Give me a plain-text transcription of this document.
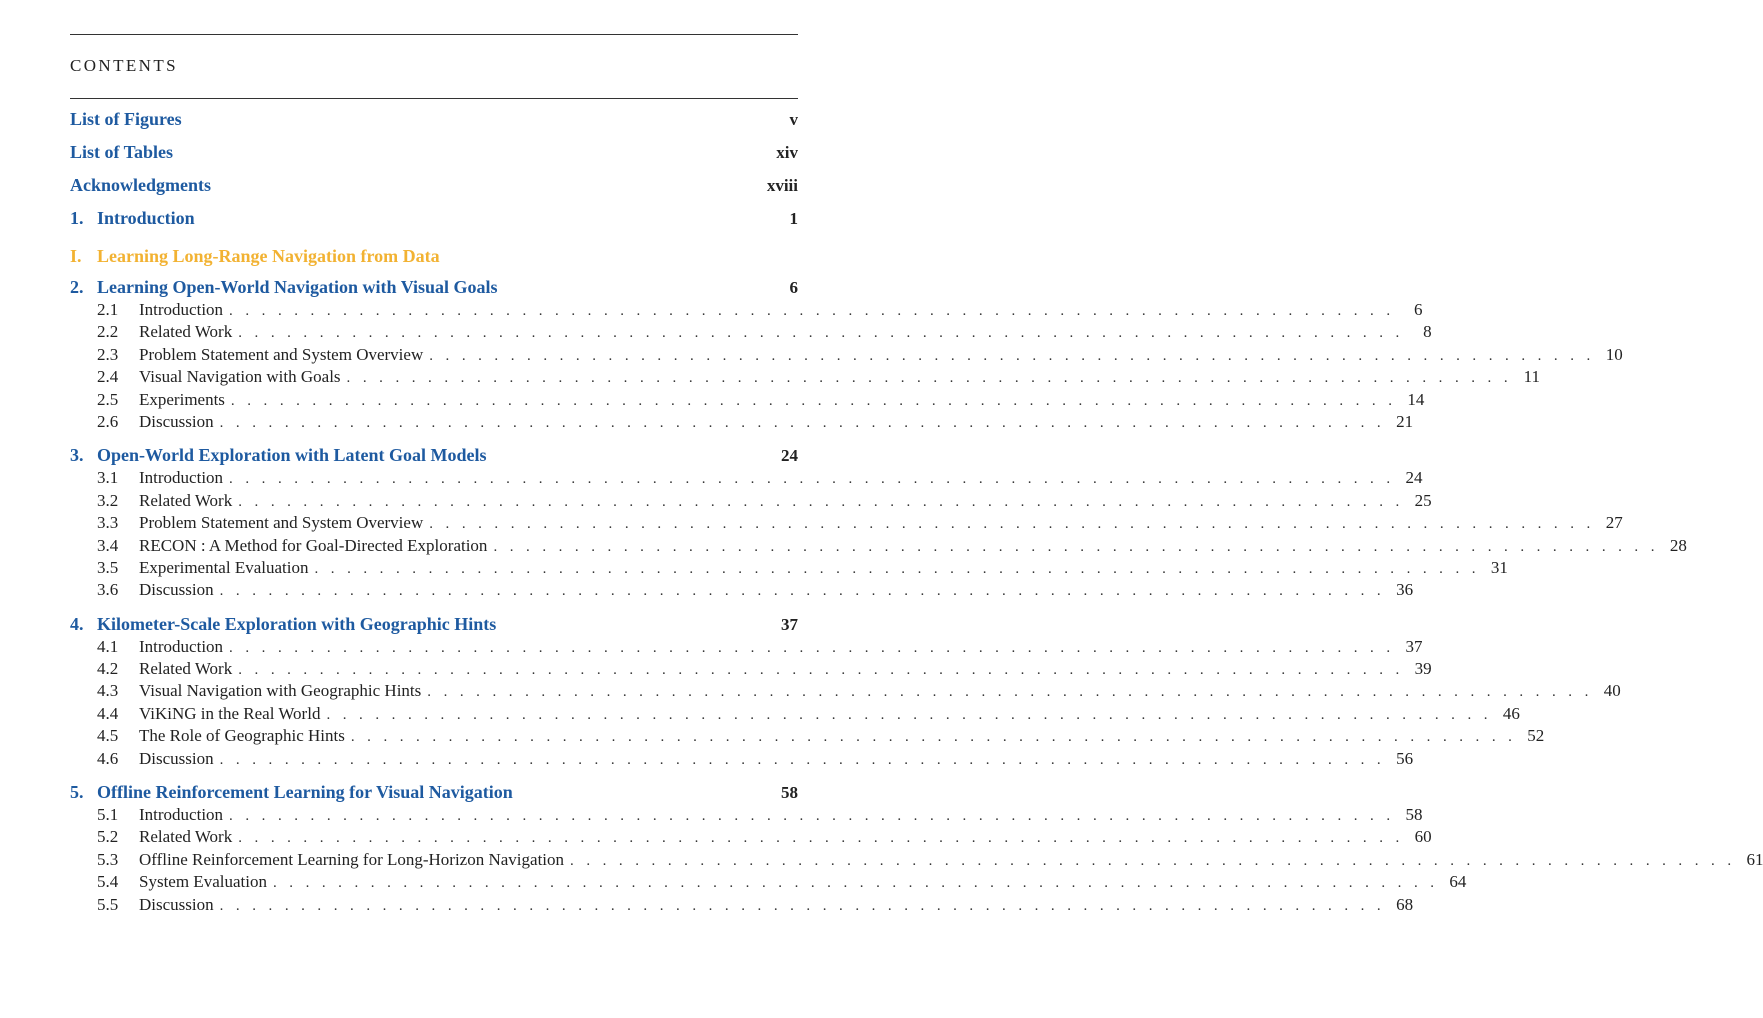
CONTENTS
List of Figures	v
List of Tables	xiv
Acknowledgments	xviii
1. Introduction	1
I. Learning Long-Range Navigation from Data
2. Learning Open-World Navigation with Visual Goals	6
2.1	Introduction . . . . . . . . . . . . . . . . . . . . . . . . . . . . . . . . . . . . . . . . . . . . . . . . . . . . . . . . . . . . . . . . . . . . . . . .	6
2.2	Related Work . . . . . . . . . . . . . . . . . . . . . . . . . . . . . . . . . . . . . . . . . . . . . . . . . . . . . . . . . . . . . . . . . . . . . . . .	8
2.3	Problem Statement and System Overview . . . . . . . . . . . . . . . . . . . . . . . . . . . . . . . . . . . . . . . . . . . . . . . . . . . . . . . . . . . . . . . . . . . . . . . . 10
2.4	Visual Navigation with Goals . . . . . . . . . . . . . . . . . . . . . . . . . . . . . . . . . . . . . . . . . . . . . . . . . . . . . . . . . . . . . . . . . . . . . . . . 11
2.5	Experiments . . . . . . . . . . . . . . . . . . . . . . . . . . . . . . . . . . . . . . . . . . . . . . . . . . . . . . . . . . . . . . . . . . . . . . . . 14
2.6	Discussion . . . . . . . . . . . . . . . . . . . . . . . . . . . . . . . . . . . . . . . . . . . . . . . . . . . . . . . . . . . . . . . . . . . . . . . . 21
3. Open-World Exploration with Latent Goal Models	24
3.1	Introduction . . . . . . . . . . . . . . . . . . . . . . . . . . . . . . . . . . . . . . . . . . . . . . . . . . . . . . . . . . . . . . . . . . . . . . . . 24
3.2	Related Work . . . . . . . . . . . . . . . . . . . . . . . . . . . . . . . . . . . . . . . . . . . . . . . . . . . . . . . . . . . . . . . . . . . . . . . . 25
3.3	Problem Statement and System Overview . . . . . . . . . . . . . . . . . . . . . . . . . . . . . . . . . . . . . . . . . . . . . . . . . . . . . . . . . . . . . . . . . . . . . . . . 27
3.4	RECON : A Method for Goal-Directed Exploration . . . . . . . . . . . . . . . . . . . . . . . . . . . . . . . . . . . . . . . . . . . . . . . . . . . . . . . . . . . . . . . . . . . . . . . . 28
3.5	Experimental Evaluation . . . . . . . . . . . . . . . . . . . . . . . . . . . . . . . . . . . . . . . . . . . . . . . . . . . . . . . . . . . . . . . . . . . . . . . . 31
3.6	Discussion . . . . . . . . . . . . . . . . . . . . . . . . . . . . . . . . . . . . . . . . . . . . . . . . . . . . . . . . . . . . . . . . . . . . . . . . 36
4. Kilometer-Scale Exploration with Geographic Hints	37
4.1	Introduction . . . . . . . . . . . . . . . . . . . . . . . . . . . . . . . . . . . . . . . . . . . . . . . . . . . . . . . . . . . . . . . . . . . . . . . . 37
4.2	Related Work . . . . . . . . . . . . . . . . . . . . . . . . . . . . . . . . . . . . . . . . . . . . . . . . . . . . . . . . . . . . . . . . . . . . . . . . 39
4.3	Visual Navigation with Geographic Hints . . . . . . . . . . . . . . . . . . . . . . . . . . . . . . . . . . . . . . . . . . . . . . . . . . . . . . . . . . . . . . . . . . . . . . . . 40
4.4	ViKiNG in the Real World . . . . . . . . . . . . . . . . . . . . . . . . . . . . . . . . . . . . . . . . . . . . . . . . . . . . . . . . . . . . . . . . . . . . . . . . 46
4.5	The Role of Geographic Hints . . . . . . . . . . . . . . . . . . . . . . . . . . . . . . . . . . . . . . . . . . . . . . . . . . . . . . . . . . . . . . . . . . . . . . . . 52
4.6	Discussion . . . . . . . . . . . . . . . . . . . . . . . . . . . . . . . . . . . . . . . . . . . . . . . . . . . . . . . . . . . . . . . . . . . . . . . . 56
5. Offline Reinforcement Learning for Visual Navigation	58
5.1	Introduction . . . . . . . . . . . . . . . . . . . . . . . . . . . . . . . . . . . . . . . . . . . . . . . . . . . . . . . . . . . . . . . . . . . . . . . . 58
5.2	Related Work . . . . . . . . . . . . . . . . . . . . . . . . . . . . . . . . . . . . . . . . . . . . . . . . . . . . . . . . . . . . . . . . . . . . . . . . 60
5.3	Offline Reinforcement Learning for Long-Horizon Navigation . . . . . . . . . . . . . . . . . . . . . . . . . . . . . . . . . . . . . . . . . . . . . . . . . . . . . . . . . . . . . . . . . . . . . . . . 61
5.4	System Evaluation . . . . . . . . . . . . . . . . . . . . . . . . . . . . . . . . . . . . . . . . . . . . . . . . . . . . . . . . . . . . . . . . . . . . . . . . 64
5.5	Discussion . . . . . . . . . . . . . . . . . . . . . . . . . . . . . . . . . . . . . . . . . . . . . . . . . . . . . . . . . . . . . . . . . . . . . . . . 68
